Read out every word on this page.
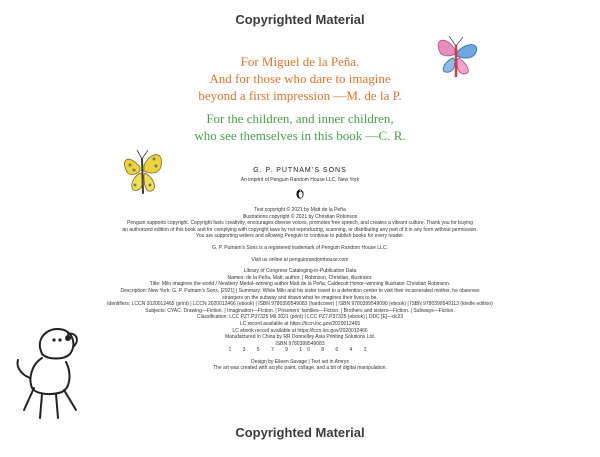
Copyrighted Material
For Miguel de la Peña.
And for those who dare to imagine
beyond a first impression —M. de la P.
For the children, and inner children,
who see themselves in this book —C. R.
G. P. PUTNAM’S SONS
An imprint of Penguin Random House LLC, New York

Text copyright © 2021 by Matt de la Peña

Illustrations copyright © 2021 by Christian Robinson

Penguin supports copyright. Copyright fuels creativity, encourages diverse voices, promotes free speech, and creates a vibrant culture. Thank you for buying

an authorized edition of this book and for complying with copyright laws by not reproducing, scanning, or distributing any part of it in any form without permission.

You are supporting writers and allowing Penguin to continue to publish books for every reader.

G. P. Putnam’s Sons is a registered trademark of Penguin Random House LLC.

Visit us online at penguinrandomhouse.com

Library of Congress Cataloging-in-Publication Data

Names: de la Peña, Matt, author. | Robinson, Christian, illustrator.

Title: Milo imagines the world / Newbery Medal–winning author Matt de la Peña; Caldecott Honor–winning illustrator Christian Robinson.

Description: New York: G. P. Putnam’s Sons, [2021] | Summary: While Milo and his sister travel to a detention center to visit their incarcerated mother, he observes

strangers on the subway and draws what he imagines their lives to be.

Identifiers: LCCN 2020012465 (print) | LCCN 2020012466 (ebook) | ISBN 9780399549083 (hardcover) | ISBN 9780399549090 (ebook) | ISBN 9780399549113 (kindle edition)

Subjects: CYAC: Drawing—Fiction. | Imagination—Fiction. | Prisoners’ families—Fiction. | Brothers and sisters—Fiction. | Subways—Fiction.

Classification: LCC PZ7.P37325 Mil 2021 (print) | LCC PZ7.P37325 (ebook) | DDC [E]—dc23

LC record available at https://lccn.loc.gov/2020012465

LC ebook record available at https://lccn.loc.gov/2020012466

Manufactured in China by RR Donnelley Asia Printing Solutions Ltd.

ISBN 9780399549083

1 3 5 7 9 10 8 6 4 2

Design by Eileen Savage | Text set in Amrys

The art was created with acrylic paint, collage, and a bit of digital manipulation.

Copyrighted Material
